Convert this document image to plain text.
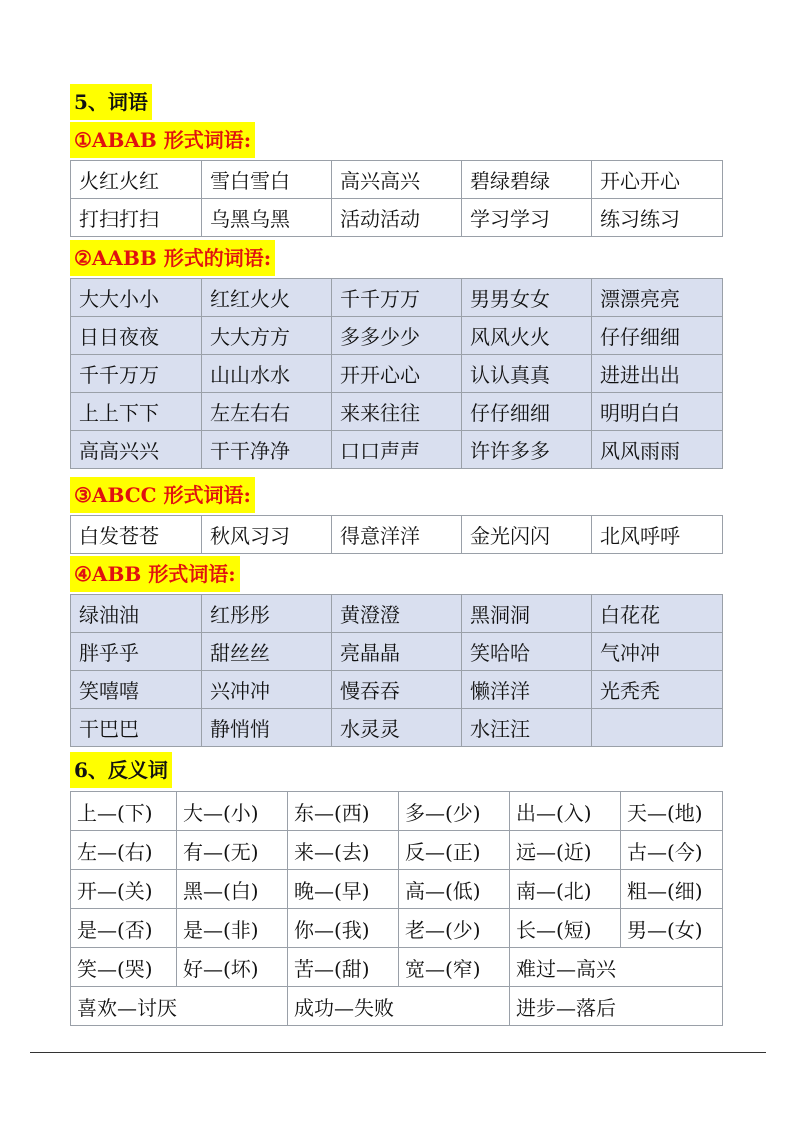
5、词语
①ABAB 形式词语:
火红火红	雪白雪白	高兴高兴	碧绿碧绿	开心开心
打扫打扫	乌黑乌黑	活动活动	学习学习	练习练习
②AABB 形式的词语:
大大小小	红红火火	千千万万	男男女女	漂漂亮亮
日日夜夜	大大方方	多多少少	风风火火	仔仔细细
千千万万	山山水水	开开心心	认认真真	进进出出
上上下下	左左右右	来来往往	仔仔细细	明明白白
高高兴兴	干干净净	口口声声	许许多多	风风雨雨
③ABCC 形式词语:
白发苍苍	秋风习习	得意洋洋	金光闪闪	北风呼呼
④ABB 形式词语:
绿油油	红彤彤	黄澄澄	黑洞洞	白花花
胖乎乎	甜丝丝	亮晶晶	笑哈哈	气冲冲
笑嘻嘻	兴冲冲	慢吞吞	懒洋洋	光秃秃
干巴巴	静悄悄	水灵灵	水汪汪	
6、反义词
上—(下)	大—(小)	东—(西)	多—(少)	出—(入)	天—(地)
左—(右)	有—(无)	来—(去)	反—(正)	远—(近)	古—(今)
开—(关)	黑—(白)	晚—(早)	高—(低)	南—(北)	粗—(细)
是—(否)	是—(非)	你—(我)	老—(少)	长—(短)	男—(女)
笑—(哭)	好—(坏)	苦—(甜)	宽—(窄)	难过—高兴	
喜欢—讨厌		成功—失败		进步—落后	
